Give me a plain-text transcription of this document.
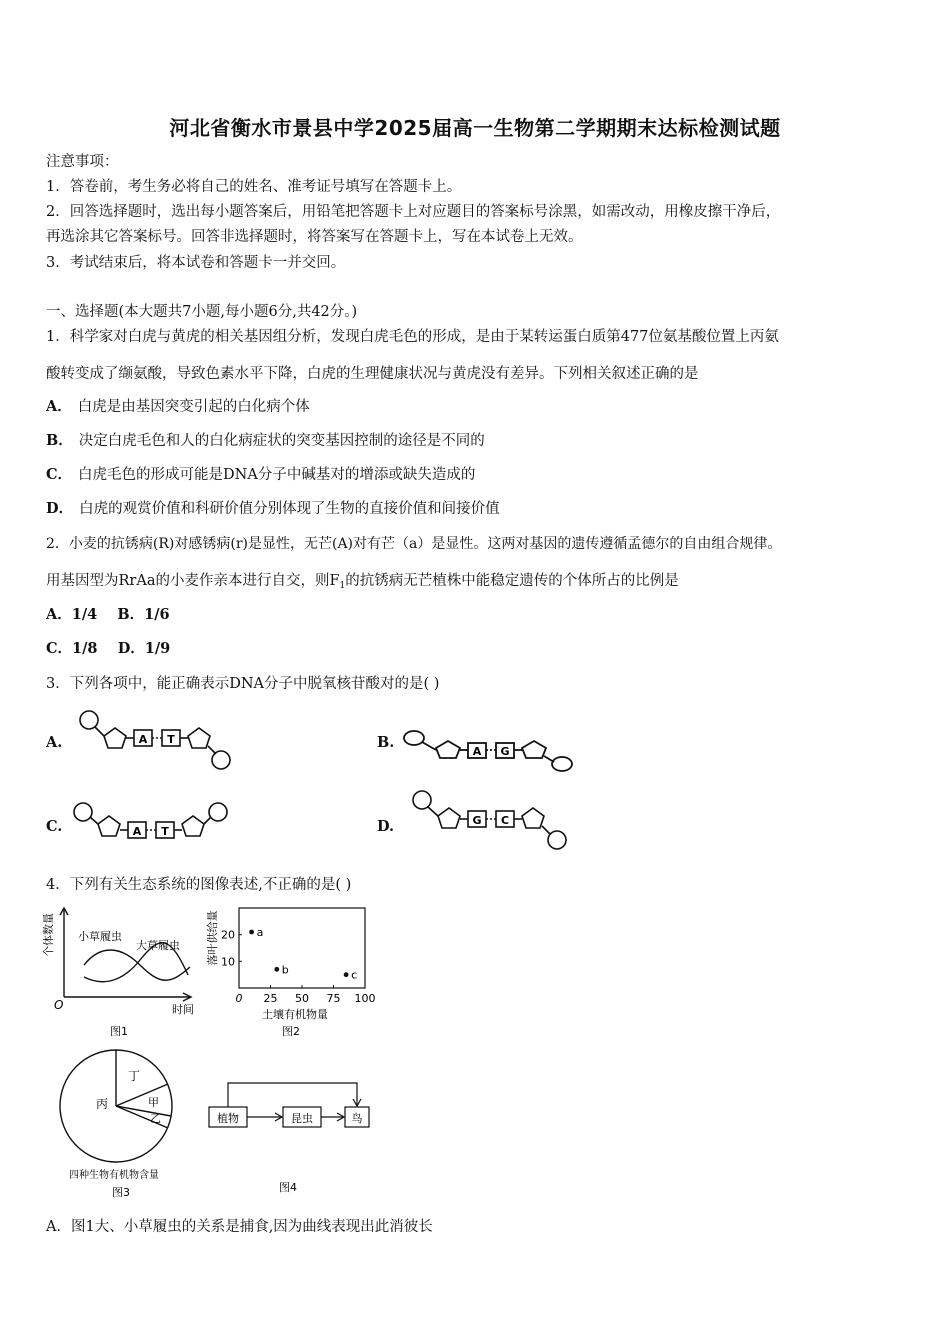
河北省衡水市景县中学2025届高一生物第二学期期末达标检测试题
注意事项：
1．答卷前，考生务必将自己的姓名、准考证号填写在答题卡上。
2．回答选择题时，选出每小题答案后，用铅笔把答题卡上对应题目的答案标号涂黑，如需改动，用橡皮擦干净后，
再选涂其它答案标号。回答非选择题时，将答案写在答题卡上，写在本试卷上无效。
3．考试结束后，将本试卷和答题卡一并交回。
一、选择题(本大题共7小题,每小题6分,共42分。)
1．科学家对白虎与黄虎的相关基因组分析，发现白虎毛色的形成，是由于某转运蛋白质第477位氨基酸位置上丙氨
酸转变成了缬氨酸，导致色素水平下降，白虎的生理健康状况与黄虎没有差异。下列相关叙述正确的是
A． 白虎是由基因突变引起的白化病个体
B． 决定白虎毛色和人的白化病症状的突变基因控制的途径是不同的
C． 白虎毛色的形成可能是DNA分子中碱基对的增添或缺失造成的
D． 白虎的观赏价值和科研价值分别体现了生物的直接价值和间接价值
2．小麦的抗锈病(R)对感锈病(r)是显性，无芒(A)对有芒（a）是显性。这两对基因的遗传遵循孟德尔的自由组合规律。
用基因型为RrAa的小麦作亲本进行自交，则$F_1$的抗锈病无芒植株中能稳定遗传的个体所占的比例是
A．1/4    B．1/6
C．1/8    D．1/9
3．下列各项中，能正确表示DNA分子中脱氧核苷酸对的是( )
A.	B.
C.	D.
A T
A G
A T
G C
4．下列有关生态系统的图像表述,不正确的是( )
个体数量
时间
O
小草履虫
大草履虫
图1
0 25 50 75 100
10
20 a
b	c
落叶供给量
土壤有机物量
图2
丙
丁
甲
乙
四种生物有机物含量
图3
植物	昆虫	鸟
图4
A．图1大、小草履虫的关系是捕食,因为曲线表现出此消彼长
